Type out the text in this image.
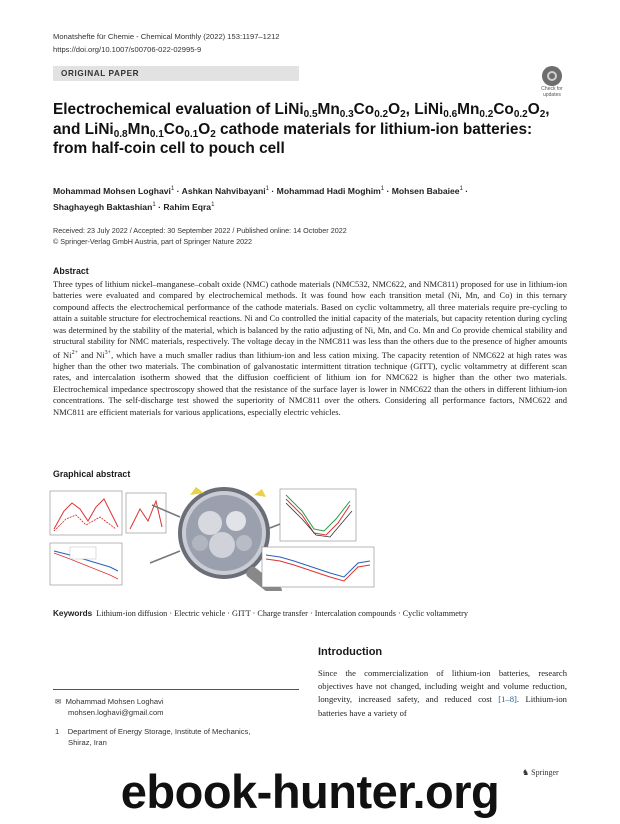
Monatshefte für Chemie - Chemical Monthly (2022) 153:1197–1212
https://doi.org/10.1007/s00706-022-02995-9
ORIGINAL PAPER
Check for
updates
Electrochemical evaluation of $LiNi_{0.5}Mn_{0.3}Co_{0.2}O_2$, $LiNi_{0.6}Mn_{0.2}Co_{0.2}O_2$,
and $LiNi_{0.8}Mn_{0.1}Co_{0.1}O_2$ cathode materials for lithium‑ion batteries:
from half‑coin cell to pouch cell
Mohammad Mohsen Loghavi$^1$ · Ashkan Nahvibayani$^1$ · Mohammad Hadi Moghim$^1$ · Mohsen Babaiee$^1$ ·
Shaghayegh Baktashian$^1$ · Rahim Eqra$^1$
Received: 23 July 2022 / Accepted: 30 September 2022 / Published online: 14 October 2022
© Springer-Verlag GmbH Austria, part of Springer Nature 2022
Abstract
Three types of lithium nickel–manganese–cobalt oxide (NMC) cathode materials (NMC532, NMC622, and NMC811) proposed for use in lithium-ion batteries were evaluated and compared by electrochemical methods. It was found how each transition metal (Ni, Mn, and Co) in this ternary compound affects the electrochemical performance of the cathode materials. Based on cyclic voltammetry, all three materials require pre-cycling to attain a suitable structure for electrochemical reactions. Ni and Co controlled the initial capacity of the materials, but capacity retention during cycling was determined by the stability of the material, which is balanced by the ratio adjusting of Ni, Mn, and Co. Mn and Co provide chemical stability and structural stability for NMC materials, respectively. The voltage decay in the NMC811 was less than the others due to the presence of higher amounts of $Ni^{2+}$ and $Ni^{3+}$, which have a much smaller radius than lithium-ion and less cation mixing. The capacity retention of NMC622 at high rates was higher than the other two materials. The combination of galvanostatic intermittent titration technique (GITT), cyclic voltammetry at different scan rates, and intercalation isotherm showed that the diffusion coefficient of lithium ion for NMC622 is higher than the other two materials. Electrochemical impedance spectroscopy showed that the resistance of the surface layer is lower in NMC622 than the others in different lithium-ion concentrations. The self-discharge test showed the superiority of NMC811 over the others. Considering all performance factors, NMC622 and NMC811 are efficient materials for various applications, especially electric vehicles.
Graphical abstract
Keywords Lithium-ion diffusion · Electric vehicle · GITT · Charge transfer · Intercalation compounds · Cyclic voltammetry
Introduction
Since the commercialization of lithium-ion batteries, research objectives have not changed, including weight and volume reduction, longevity, increased safety, and reduced cost [1–8]. Lithium-ion batteries have a variety of
✉  Mohammad Mohsen Loghavi
mohsen.loghavi@gmail.com
1 Department of Energy Storage, Institute of Mechanics,
Shiraz, Iran
♞ Springer
ebook-hunter.org
